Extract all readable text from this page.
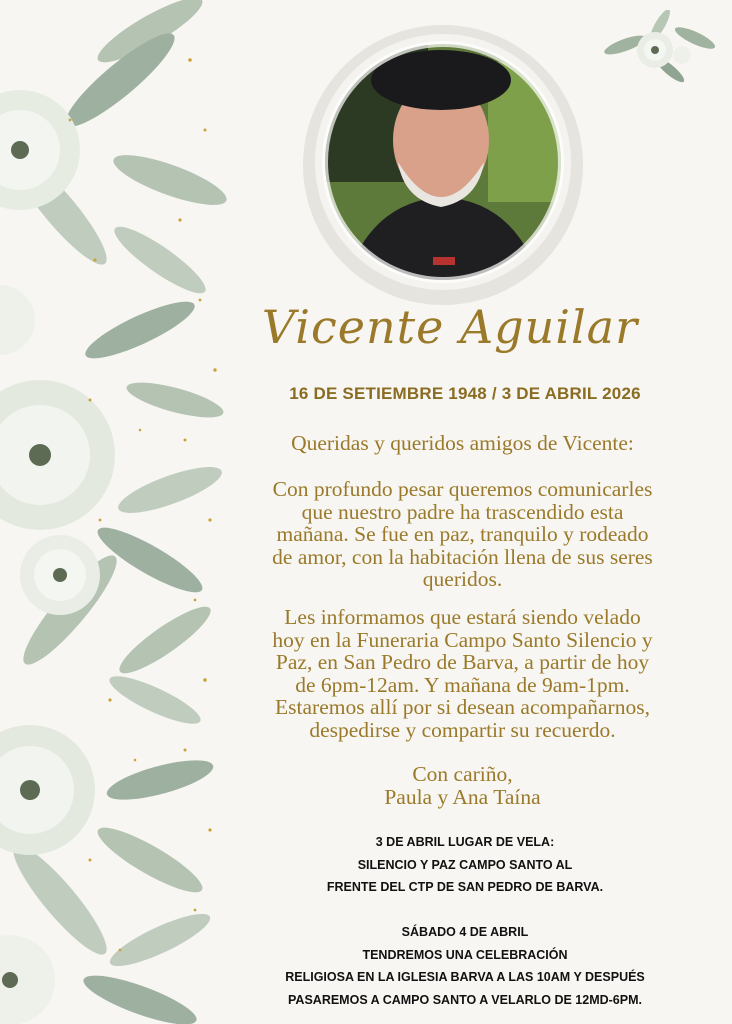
Vicente Aguilar
16 DE SETIEMBRE 1948 / 3 DE ABRIL 2026
Queridas y queridos amigos de Vicente:
Con profundo pesar queremos comunicarles
que nuestro padre ha trascendido esta
mañana. Se fue en paz, tranquilo y rodeado
de amor, con la habitación llena de sus seres
queridos.
Les informamos que estará siendo velado
hoy en la Funeraria Campo Santo Silencio y
Paz, en San Pedro de Barva, a partir de hoy
de 6pm-12am. Y mañana de 9am-1pm.
Estaremos allí por si desean acompañarnos,
despedirse y compartir su recuerdo.
Con cariño,
Paula y Ana Taína
3 DE ABRIL LUGAR DE VELA:
SILENCIO Y PAZ CAMPO SANTO AL
FRENTE DEL CTP DE SAN PEDRO DE BARVA.
SÁBADO 4 DE ABRIL
TENDREMOS UNA CELEBRACIÓN
RELIGIOSA EN LA IGLESIA BARVA A LAS 10AM Y DESPUÉS
PASAREMOS A CAMPO SANTO A VELARLO DE 12MD-6PM.
